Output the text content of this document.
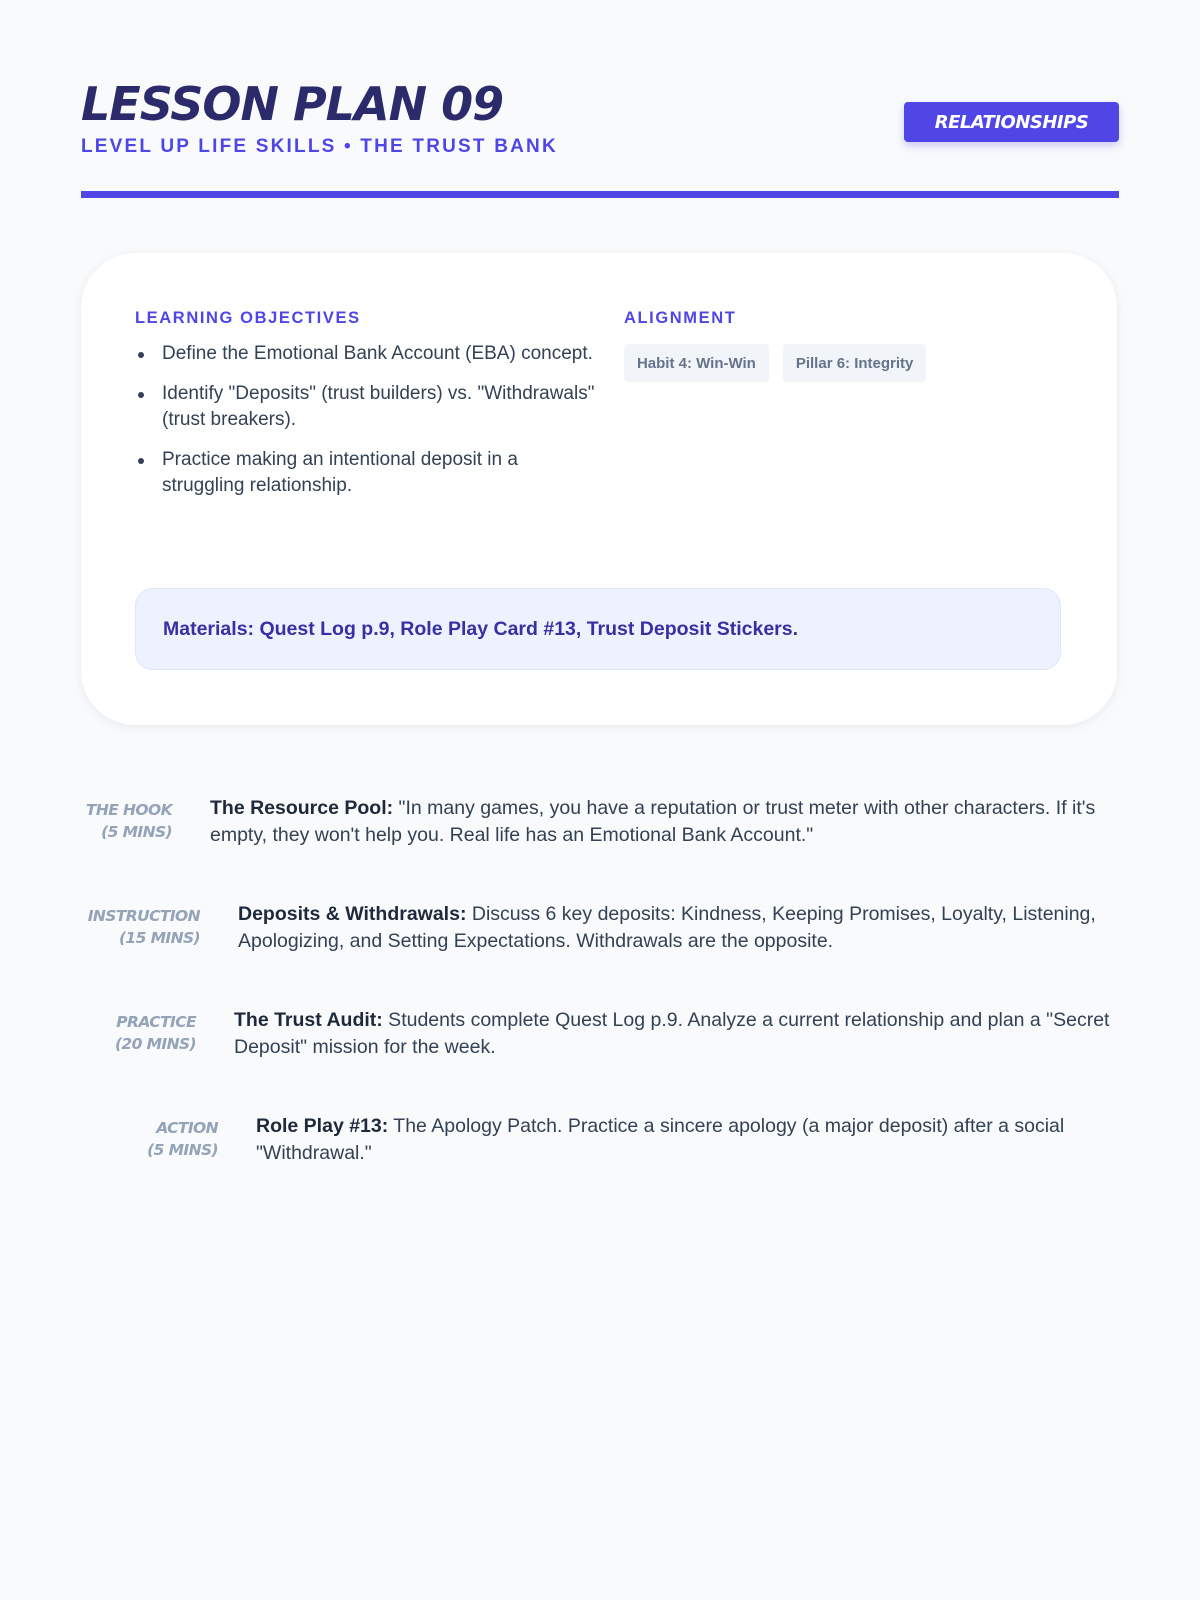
LESSON PLAN 09
LEVEL UP LIFE SKILLS • THE TRUST BANK
RELATIONSHIPS
LEARNING OBJECTIVES
Define the Emotional Bank Account (EBA) concept.
Identify "Deposits" (trust builders) vs. "Withdrawals" (trust breakers).
Practice making an intentional deposit in a struggling relationship.
ALIGNMENT
Habit 4: Win-Win	Pillar 6: Integrity
Materials: Quest Log p.9, Role Play Card #13, Trust Deposit Stickers.
THE HOOK
(5 MINS)
The Resource Pool: "In many games, you have a reputation or trust meter with other characters. If it's empty, they won't help you. Real life has an Emotional Bank Account."
INSTRUCTION
(15 MINS)
Deposits & Withdrawals: Discuss 6 key deposits: Kindness, Keeping Promises, Loyalty, Listening, Apologizing, and Setting Expectations. Withdrawals are the opposite.
PRACTICE
(20 MINS)
The Trust Audit: Students complete Quest Log p.9. Analyze a current relationship and plan a "Secret Deposit" mission for the week.
ACTION
(5 MINS)
Role Play #13: The Apology Patch. Practice a sincere apology (a major deposit) after a social "Withdrawal."
